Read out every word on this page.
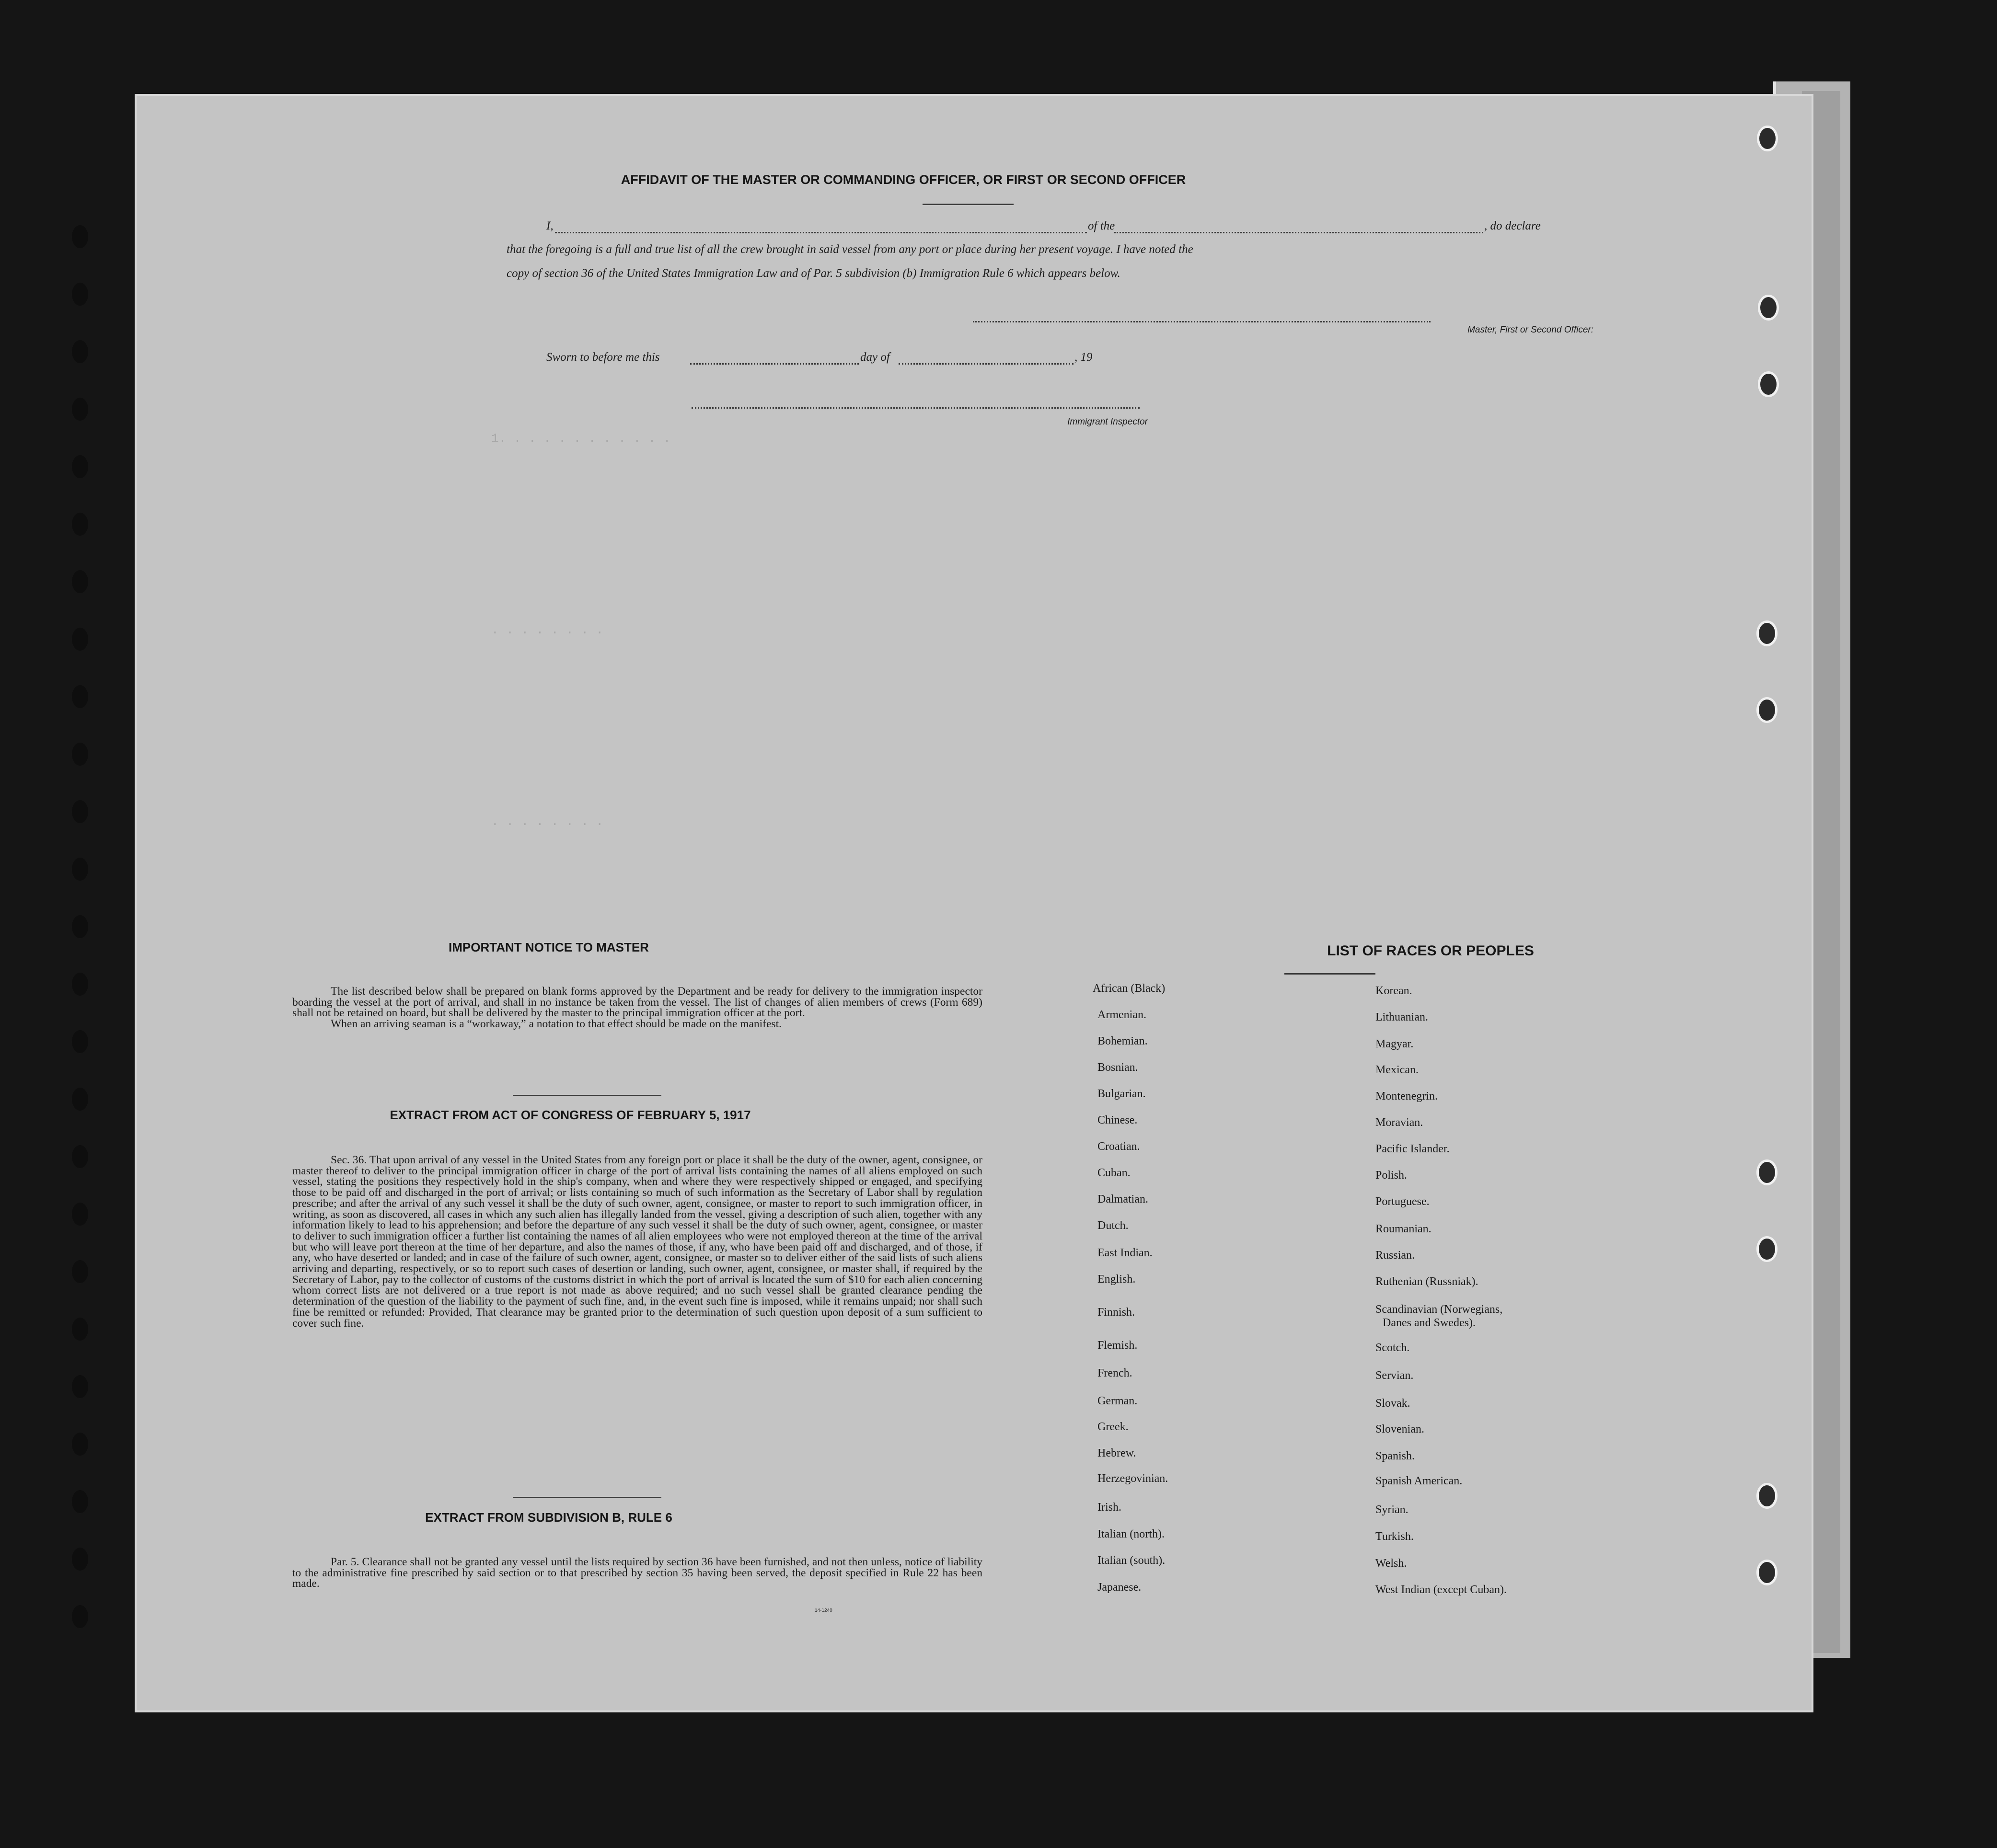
1. . . . . . . . . . . .
. . . . . . . .
. . . . . . . .
AFFIDAVIT OF THE MASTER OR COMMANDING OFFICER, OR FIRST OR SECOND OFFICER
I,	of the	, do declare
that the foregoing is a full and true list of all the crew brought in said vessel from any port or place during her present voyage. I have noted the
copy of section 36 of the United States Immigration Law and of Par. 5 subdivision (b) Immigration Rule 6 which appears below.
Master, First or Second Officer:
Sworn to before me this	day of	, 19
Immigrant Inspector
IMPORTANT NOTICE TO MASTER

The list described below shall be prepared on blank forms approved by the Department and be ready for delivery to the immigration inspector boarding the vessel at the port of arrival, and shall in no instance be taken from the vessel. The list of changes of alien members of crews (Form 689) shall not be retained on board, but shall be delivered by the master to the principal immigration officer at the port.

When an arriving seaman is a “workaway,” a notation to that effect should be made on the manifest.

EXTRACT FROM ACT OF CONGRESS OF FEBRUARY 5, 1917

Sec. 36. That upon arrival of any vessel in the United States from any foreign port or place it shall be the duty of the owner, agent, consignee, or master thereof to deliver to the principal immigration officer in charge of the port of arrival lists containing the names of all aliens employed on such vessel, stating the positions they respectively hold in the ship's company, when and where they were respectively shipped or engaged, and specifying those to be paid off and discharged in the port of arrival; or lists containing so much of such information as the Secretary of Labor shall by regulation prescribe; and after the arrival of any such vessel it shall be the duty of such owner, agent, consignee, or master to report to such immigration officer, in writing, as soon as discovered, all cases in which any such alien has illegally landed from the vessel, giving a description of such alien, together with any information likely to lead to his apprehension; and before the departure of any such vessel it shall be the duty of such owner, agent, consignee, or master to deliver to such immigration officer a further list containing the names of all alien employees who were not employed thereon at the time of the arrival but who will leave port thereon at the time of her departure, and also the names of those, if any, who have been paid off and discharged, and of those, if any, who have deserted or landed; and in case of the failure of such owner, agent, consignee, or master so to deliver either of the said lists of such aliens arriving and departing, respectively, or so to report such cases of desertion or landing, such owner, agent, consignee, or master shall, if required by the Secretary of Labor, pay to the collector of customs of the customs district in which the port of arrival is located the sum of $10 for each alien concerning whom correct lists are not delivered or a true report is not made as above required; and no such vessel shall be granted clearance pending the determination of the question of the liability to the payment of such fine, and, in the event such fine is imposed, while it remains unpaid; nor shall such fine be remitted or refunded: Provided, That clearance may be granted prior to the determination of such question upon deposit of a sum sufficient to cover such fine.

EXTRACT FROM SUBDIVISION B, RULE 6

Par. 5. Clearance shall not be granted any vessel until the lists required by section 36 have been furnished, and not then unless, notice of liability to the administrative fine prescribed by said section or to that prescribed by section 35 having been served, the deposit specified in Rule 22 has been made.

14-1240
LIST OF RACES OR PEOPLES
African (Black)
Armenian.
Bohemian.
Bosnian.
Bulgarian.
Chinese.
Croatian.
Cuban.
Dalmatian.
Dutch.
East Indian.
English.
Finnish.
Flemish.
French.
German.
Greek.
Hebrew.
Herzegovinian.
Irish.
Italian (north).
Italian (south).
Japanese.
Korean.
Lithuanian.
Magyar.
Mexican.
Montenegrin.
Moravian.
Pacific Islander.
Polish.
Portuguese.
Roumanian.
Russian.
Ruthenian (Russniak).
Scandinavian (Norwegians,
Danes and Swedes).
Scotch.
Servian.
Slovak.
Slovenian.
Spanish.
Spanish American.
Syrian.
Turkish.
Welsh.
West Indian (except Cuban).
